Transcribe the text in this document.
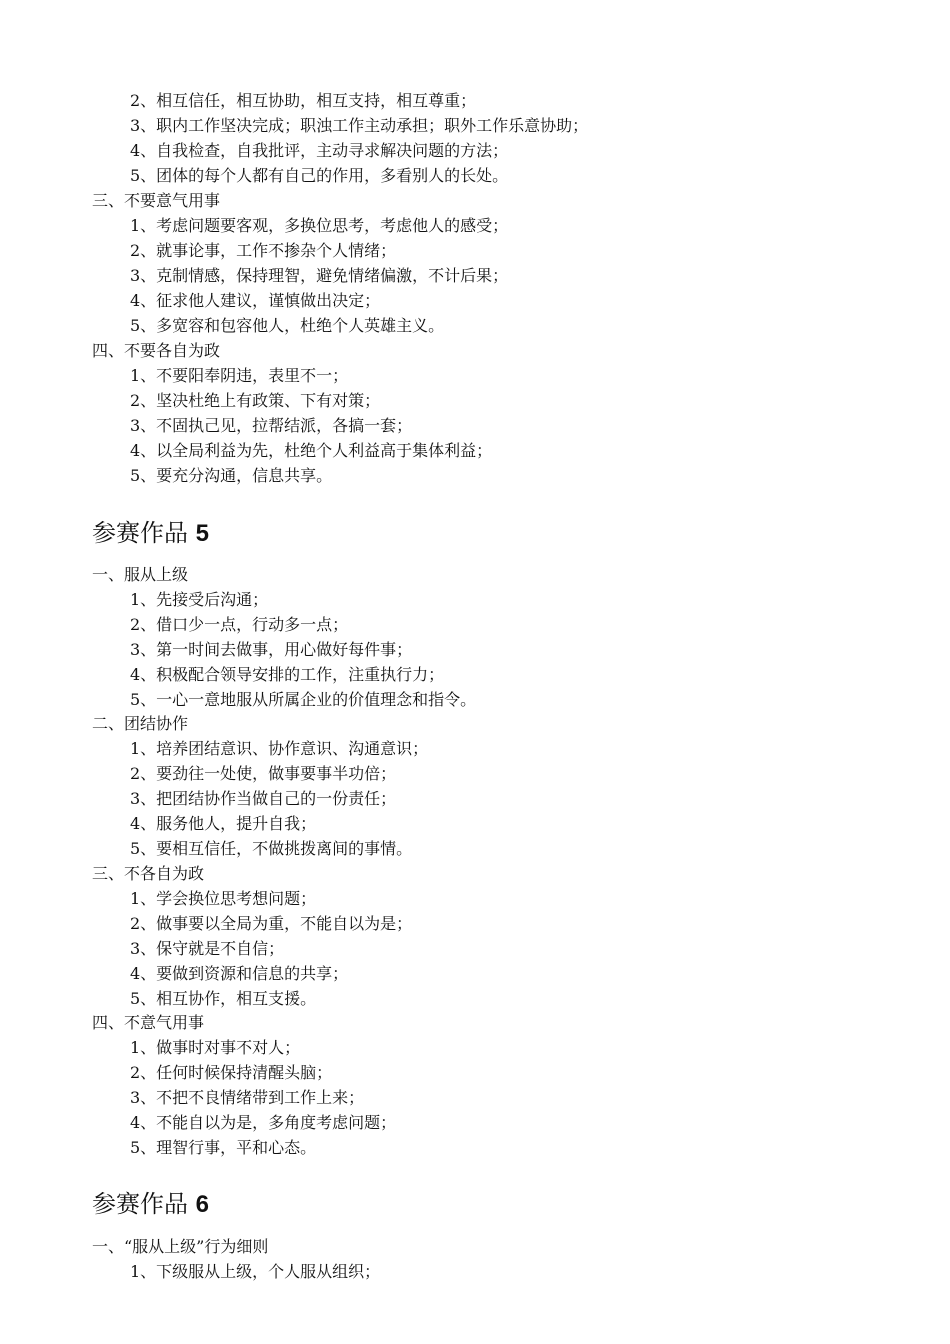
2、相互信任，相互协助，相互支持，相互尊重；
3、职内工作坚决完成；职浊工作主动承担；职外工作乐意协助；
4、自我检查，自我批评，主动寻求解决问题的方法；
5、团体的每个人都有自己的作用，多看别人的长处。
三、不要意气用事
1、考虑问题要客观，多换位思考，考虑他人的感受；
2、就事论事，工作不掺杂个人情绪；
3、克制情感，保持理智，避免情绪偏激，不计后果；
4、征求他人建议，谨慎做出决定；
5、多宽容和包容他人，杜绝个人英雄主义。
四、不要各自为政
1、不要阳奉阴违，表里不一；
2、坚决杜绝上有政策、下有对策；
3、不固执己见，拉帮结派，各搞一套；
4、以全局利益为先，杜绝个人利益高于集体利益；
5、要充分沟通，信息共享。
参赛作品 5
一、服从上级
1、先接受后沟通；
2、借口少一点，行动多一点；
3、第一时间去做事，用心做好每件事；
4、积极配合领导安排的工作，注重执行力；
5、一心一意地服从所属企业的价值理念和指令。
二、团结协作
1、培养团结意识、协作意识、沟通意识；
2、要劲往一处使，做事要事半功倍；
3、把团结协作当做自己的一份责任；
4、服务他人，提升自我；
5、要相互信任，不做挑拨离间的事情。
三、不各自为政
1、学会换位思考想问题；
2、做事要以全局为重，不能自以为是；
3、保守就是不自信；
4、要做到资源和信息的共享；
5、相互协作，相互支援。
四、不意气用事
1、做事时对事不对人；
2、任何时候保持清醒头脑；
3、不把不良情绪带到工作上来；
4、不能自以为是，多角度考虑问题；
5、理智行事，平和心态。
参赛作品 6
一、“服从上级”行为细则
1、下级服从上级，个人服从组织；
